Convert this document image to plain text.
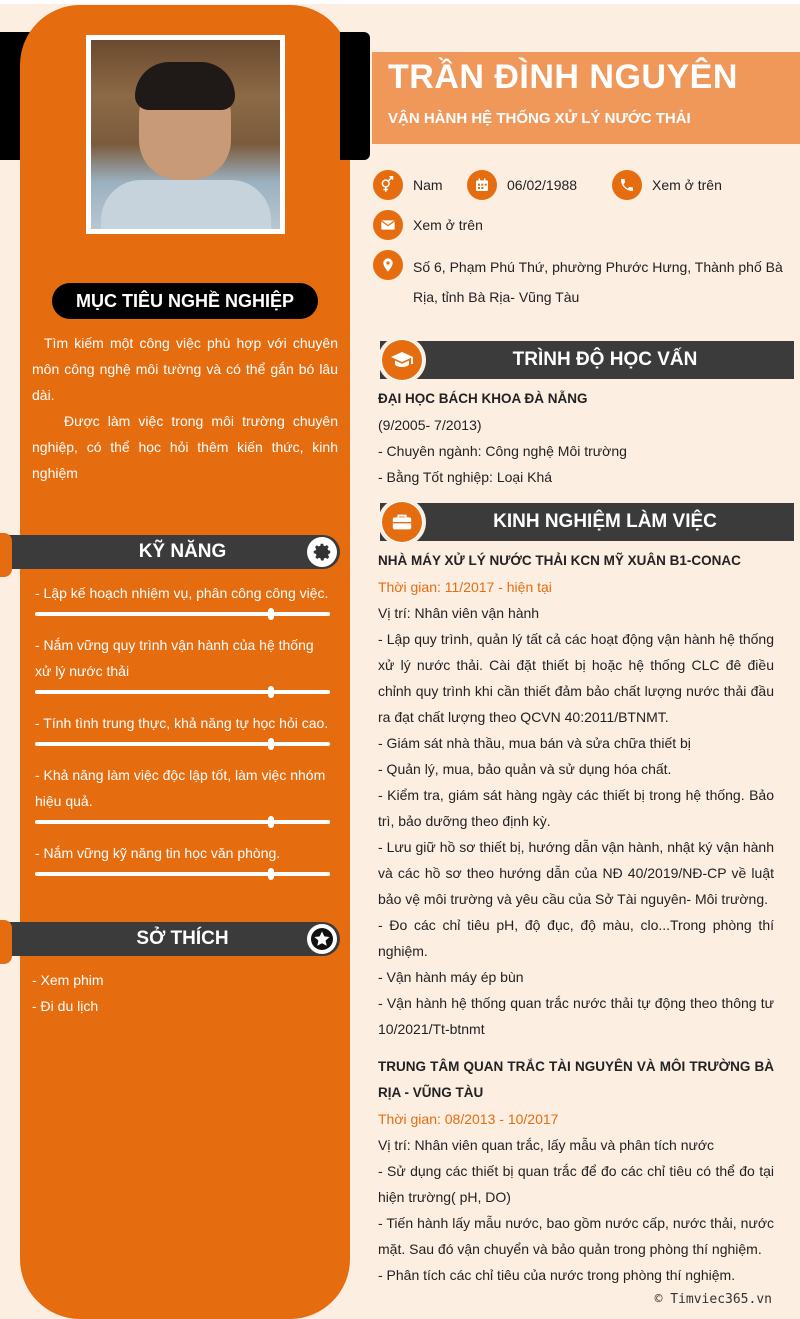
MỤC TIÊU NGHỀ NGHIỆP

Tìm kiếm một công việc phù hợp với chuyên môn công nghệ môi tường và có thể gắn bó lâu dài.

Được làm việc trong môi trường chuyên nghiệp, có thể học hỏi thêm kiến thức, kinh nghiệm

KỸ NĂNG
- Lập kế hoạch nhiệm vụ, phân công công việc.
- Nắm vững quy trình vận hành của hệ thống xử lý nước thải
- Tính tình trung thực, khả năng tự học hỏi cao.
- Khả năng làm việc độc lập tốt, làm việc nhóm hiệu quả.
- Nắm vững kỹ năng tin học văn phòng.
SỞ THÍCH
- Xem phim
- Đi du lịch
TRẦN ĐÌNH NGUYÊN
VẬN HÀNH HỆ THỐNG XỬ LÝ NƯỚC THẢI
Nam	06/02/1988	Xem ở trên
Xem ở trên
Số 6, Phạm Phú Thứ, phường Phước Hưng, Thành phố Bà Rịa, tỉnh Bà Rịa- Vũng Tàu
TRÌNH ĐỘ HỌC VẤN
ĐẠI HỌC BÁCH KHOA ĐÀ NẴNG
(9/2005- 7/2013)
- Chuyên ngành: Công nghệ Môi trường
- Bằng Tốt nghiệp: Loại Khá
KINH NGHIỆM LÀM VIỆC
NHÀ MÁY XỬ LÝ NƯỚC THẢI KCN MỸ XUÂN B1-CONAC
Thời gian: 11/2017 - hiện tại
Vị trí: Nhân viên vận hành
- Lập quy trình, quản lý tất cả các hoạt động vận hành hệ thống xử lý nước thải. Cài đặt thiết bị hoặc hệ thống CLC đê điều chỉnh quy trình khi cần thiết đảm bảo chất lượng nước thải đầu ra đạt chất lượng theo QCVN 40:2011/BTNMT.
- Giám sát nhà thầu, mua bán và sửa chữa thiết bị
- Quản lý, mua, bảo quản và sử dụng hóa chất.
- Kiểm tra, giám sát hàng ngày các thiết bị trong hệ thống. Bảo trì, bảo dưỡng theo định kỳ.
- Lưu giữ hồ sơ thiết bị, hướng dẫn vận hành, nhật ký vận hành và các hồ sơ theo hướng dẫn của NĐ 40/2019/NĐ-CP về luật bảo vệ môi trường và yêu cầu của Sở Tài nguyên- Môi trường.
- Đo các chỉ tiêu pH, độ đục, độ màu, clo...Trong phòng thí nghiệm.
- Vận hành máy ép bùn
- Vận hành hệ thống quan trắc nước thải tự động theo thông tư 10/2021/Tt-btnmt
TRUNG TÂM QUAN TRẮC TÀI NGUYÊN VÀ MÔI TRƯỜNG BÀ RỊA - VŨNG TÀU
Thời gian: 08/2013 - 10/2017
Vị trí: Nhân viên quan trắc, lấy mẫu và phân tích nước
- Sử dụng các thiết bị quan trắc để đo các chỉ tiêu có thể đo tại hiện trường( pH, DO)
- Tiến hành lấy mẫu nước, bao gồm nước cấp, nước thải, nước mặt. Sau đó vận chuyển và bảo quản trong phòng thí nghiệm.
- Phân tích các chỉ tiêu của nước trong phòng thí nghiệm.
© Timviec365.vn
